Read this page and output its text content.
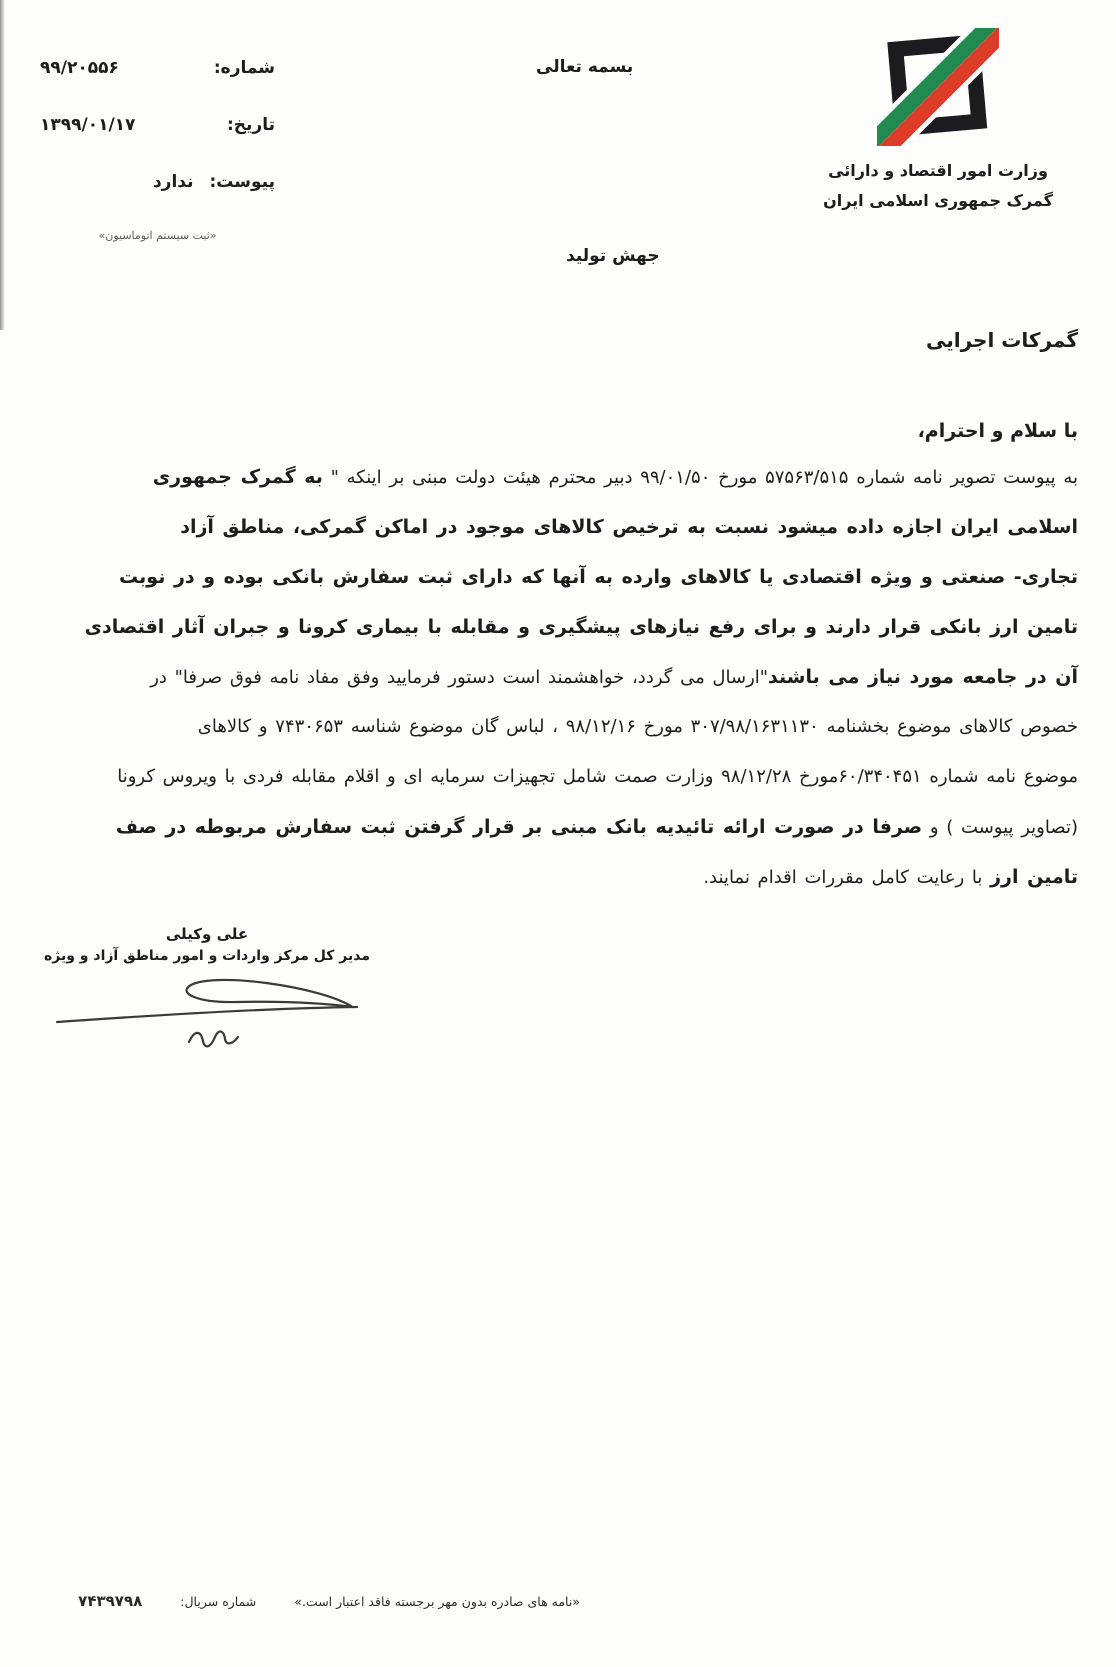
بسمه تعالی
شماره:
۹۹/۲۰۵۵۶
تاریخ:
۱۳۹۹/۰۱/۱۷
پیوست:
ندارد
«ثبت سیستم اتوماسیون»
وزارت امور اقتصاد و دارائی
گمرک جمهوری اسلامی ایران
جهش تولید
گمرکات اجرایی
با سلام و احترام،
به پیوست تصویر نامه شماره ۵۷۵۶۳/۵۱۵ مورخ ۹۹/۰۱/۵۰ دبیر محترم هیئت دولت مبنی بر اینکه " به گمرک جمهوری
اسلامی ایران اجازه داده میشود نسبت به ترخیص کالاهای موجود در اماکن گمرکی، مناطق آزاد
تجاری- صنعتی و ویژه اقتصادی یا کالاهای وارده به آنها که دارای ثبت سفارش بانکی بوده و در نوبت
تامین ارز بانکی قرار دارند و برای رفع نیازهای پیشگیری و مقابله با بیماری کرونا و جبران آثار اقتصادی
آن در جامعه مورد نیاز می باشند"ارسال می گردد، خواهشمند است دستور فرمایید وفق مفاد نامه فوق صرفا" در
خصوص کالاهای موضوع بخشنامه ۳۰۷/۹۸/۱۶۳۱۱۳۰ مورخ ۹۸/۱۲/۱۶ ، لباس گان موضوع شناسه ۷۴۳۰۶۵۳ و کالاهای
موضوع نامه شماره ۶۰/۳۴۰۴۵۱مورخ ۹۸/۱۲/۲۸ وزارت صمت شامل تجهیزات سرمایه ای و اقلام مقابله فردی با ویروس کرونا
(تصاویر پیوست ) و صرفا در صورت ارائه تائیدیه بانک مبنی بر قرار گرفتن ثبت سفارش مربوطه در صف
تامین ارز با رعایت کامل مقررات اقدام نمایند.
علی وکیلی
مدیر کل مرکز واردات و امور مناطق آزاد و ویژه
«نامه های صادره بدون مهر برجسته فاقد اعتبار است.»
شماره سریال:
۷۴۳۹۷۹۸
